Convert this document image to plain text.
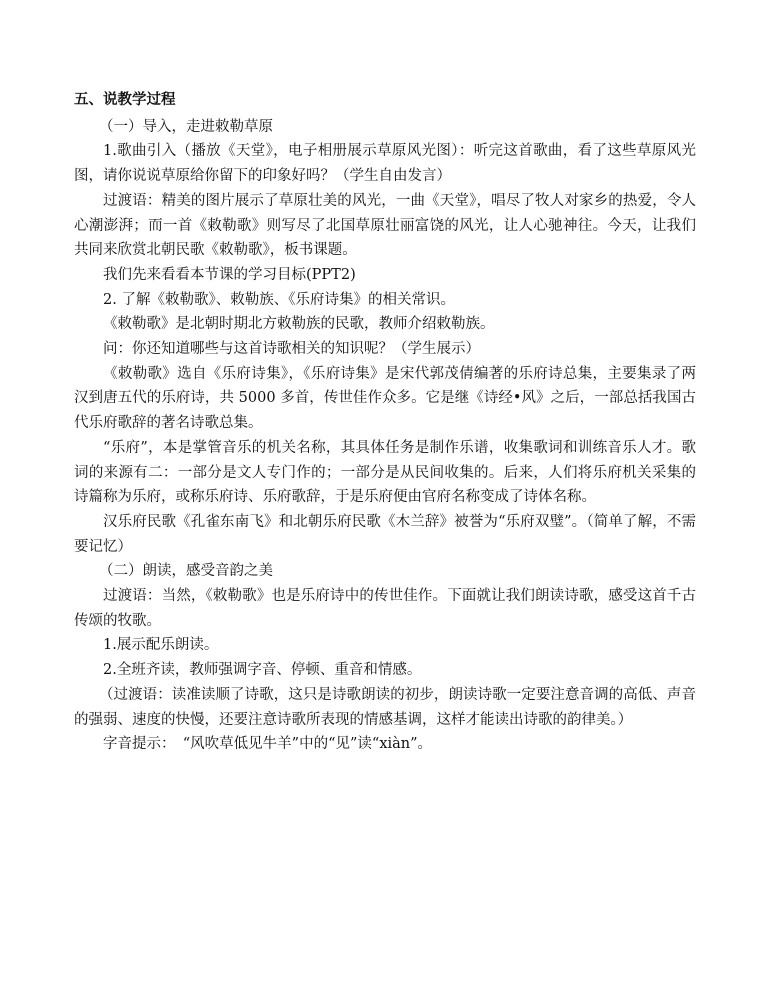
五、说教学过程

（一）导入，走进敕勒草原

1.歌曲引入（播放《天堂》，电子相册展示草原风光图）：听完这首歌曲，看了这些草原风光图，请你说说草原给你留下的印象好吗？（学生自由发言）

过渡语：精美的图片展示了草原壮美的风光，一曲《天堂》，唱尽了牧人对家乡的热爱，令人心潮澎湃；而一首《敕勒歌》则写尽了北国草原壮丽富饶的风光，让人心驰神往。今天，让我们共同来欣赏北朝民歌《敕勒歌》，板书课题。

我们先来看看本节课的学习目标(PPT2)

2. 了解《敕勒歌》、敕勒族、《乐府诗集》的相关常识。

《敕勒歌》是北朝时期北方敕勒族的民歌，教师介绍敕勒族。

问：你还知道哪些与这首诗歌相关的知识呢？（学生展示）

《敕勒歌》选自《乐府诗集》，《乐府诗集》是宋代郭茂倩编著的乐府诗总集，主要集录了两汉到唐五代的乐府诗，共 5000 多首，传世佳作众多。它是继《诗经•风》之后，一部总括我国古代乐府歌辞的著名诗歌总集。

“乐府”，本是掌管音乐的机关名称，其具体任务是制作乐谱，收集歌词和训练音乐人才。歌词的来源有二：一部分是文人专门作的；一部分是从民间收集的。后来，人们将乐府机关采集的诗篇称为乐府，或称乐府诗、乐府歌辞，于是乐府便由官府名称变成了诗体名称。

汉乐府民歌《孔雀东南飞》和北朝乐府民歌《木兰辞》被誉为“乐府双璧”。（简单了解，不需要记忆）

（二）朗读，感受音韵之美

过渡语：当然，《敕勒歌》也是乐府诗中的传世佳作。下面就让我们朗读诗歌，感受这首千古传颂的牧歌。

1.展示配乐朗读。

2.全班齐读，教师强调字音、停顿、重音和情感。

（过渡语：读准读顺了诗歌，这只是诗歌朗读的初步，朗读诗歌一定要注意音调的高低、声音的强弱、速度的快慢，还要注意诗歌所表现的情感基调，这样才能读出诗歌的韵律美。）

字音提示：　“风吹草低见牛羊”中的“见”读“xiàn”。
